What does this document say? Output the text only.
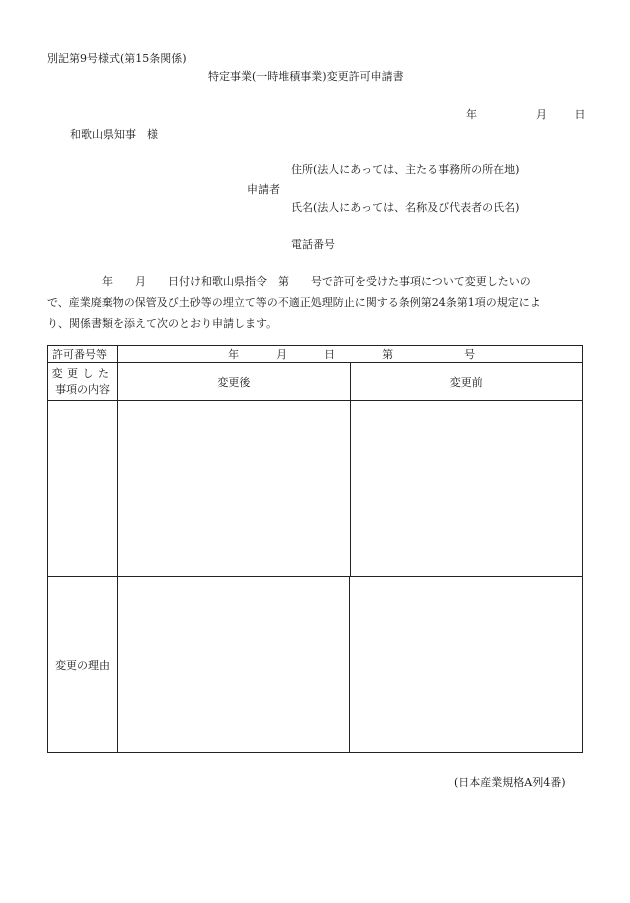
別記第9号様式(第15条関係)
特定事業(一時堆積事業)変更許可申請書
年	月	日
和歌山県知事　様
住所(法人にあっては、主たる事務所の所在地)
申請者
氏名(法人にあっては、名称及び代表者の氏名)
電話番号
　　　　　年　　月　　日付け和歌山県指令　第　　号で許可を受けた事項について変更したいの
で、産業廃棄物の保管及び土砂等の埋立て等の不適正処理防止に関する条例第24条第1項の規定によ
り、関係書類を添えて次のとおり申請します。
許可番号等	年 月 日 第 号	

変更した
事項の内容	変更後	変更前

変更の理由		
(日本産業規格A列4番)
